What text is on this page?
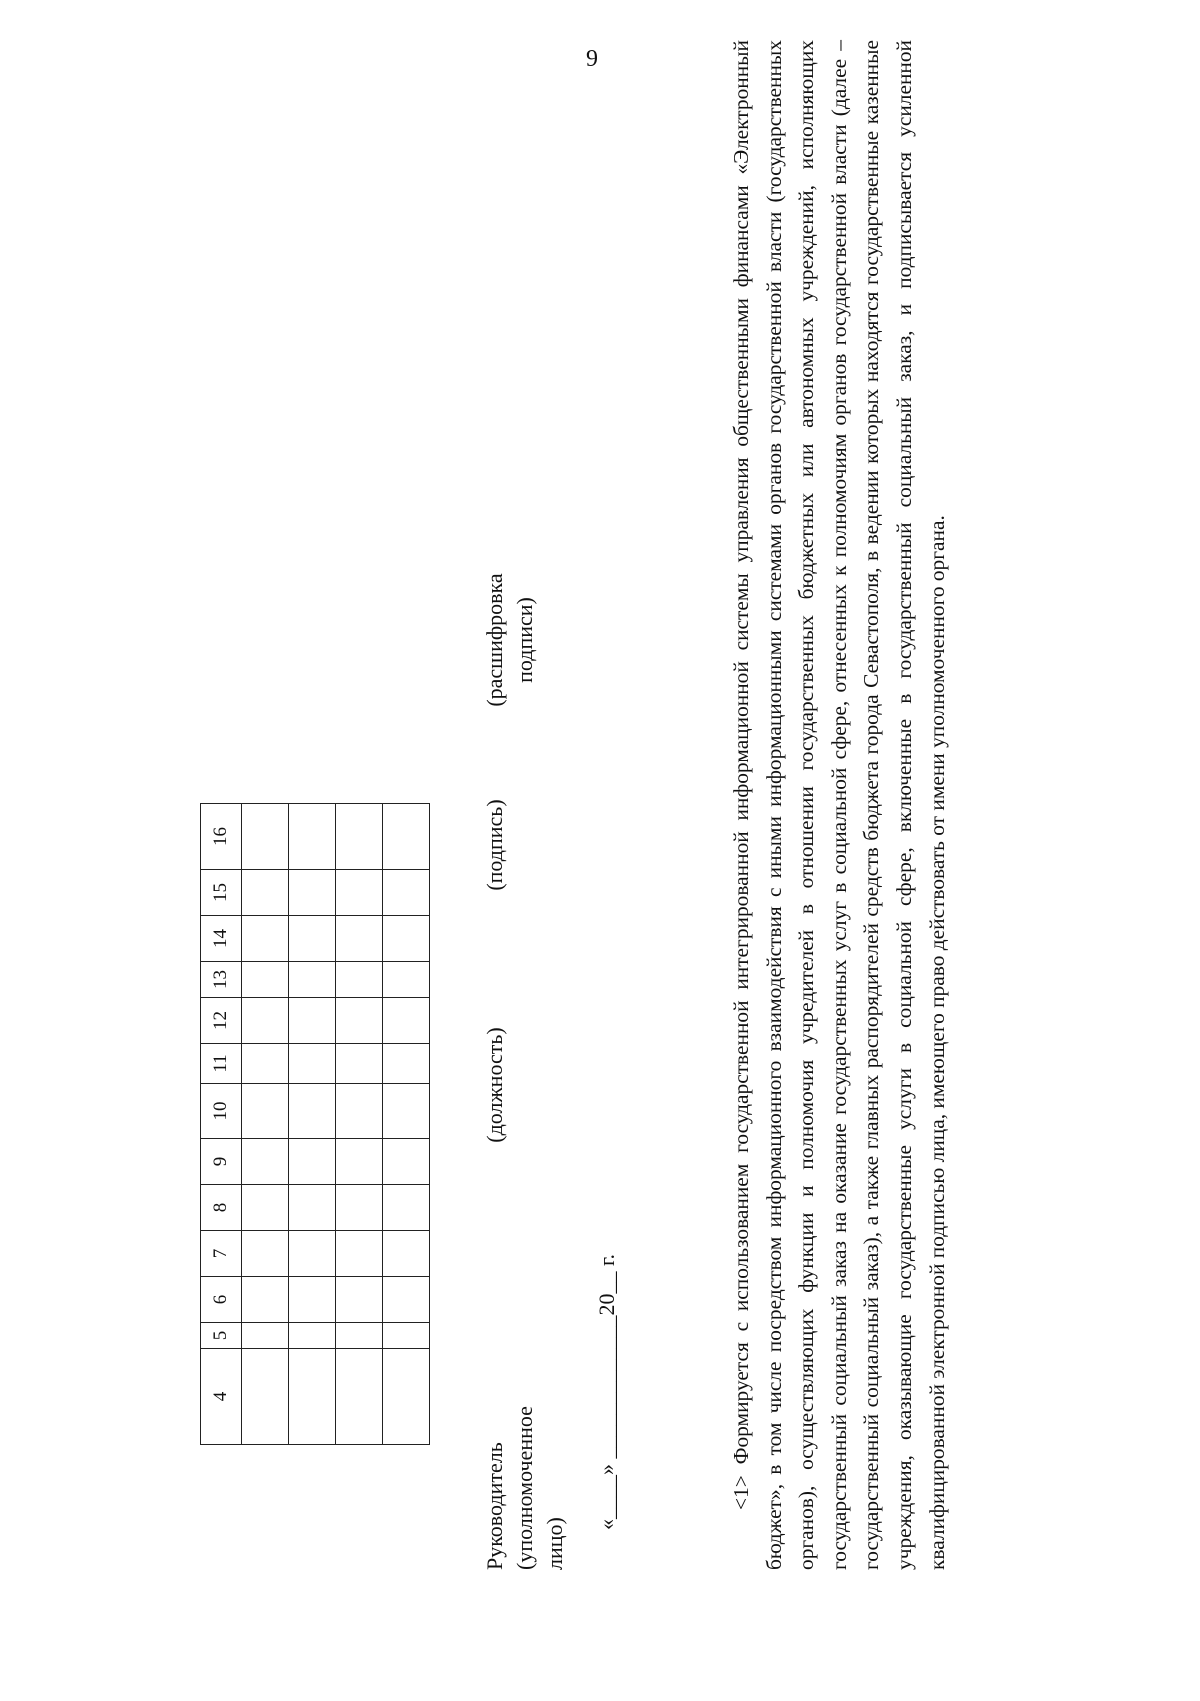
9
4	5	6	7	8	9	10	11	12	13	14	15	16

Руководитель (уполномоченное лицо)
(должность)
(подпись)
(расшифровка подписи)
«____» _____________20__ г.	<1> Формируется с использованием государственной интегрированной информационной системы управления общественными финансами «Электронный бюджет», в том числе посредством информационного взаимодействия с иными информационными системами органов государственной власти (государственных органов), осуществляющих функции и полномочия учредителей в отношении государственных бюджетных или автономных учреждений, исполняющих государственный социальный заказ на оказание государственных услуг в социальной сфере, отнесенных к полномочиям органов государственной власти (далее – государственный социальный заказ), а также главных распорядителей средств бюджета города Севастополя, в ведении которых находятся государственные казенные учреждения, оказывающие государственные услуги в социальной сфере, включенные в государственный социальный заказ, и подписывается усиленной квалифицированной электронной подписью лица, имеющего право действовать от имени уполномоченного органа.
